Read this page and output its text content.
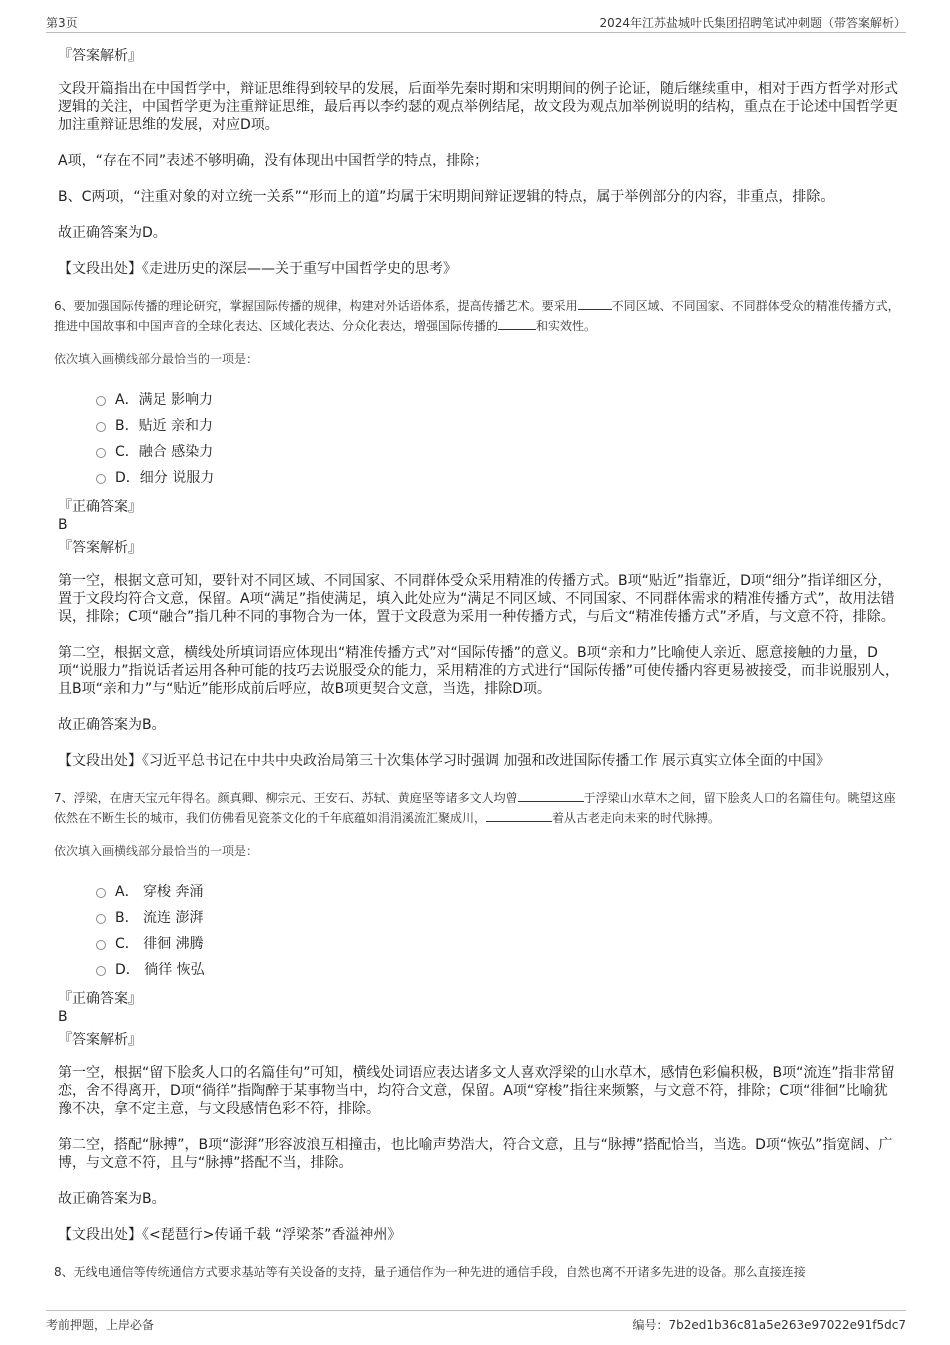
第3页	2024年江苏盐城叶氏集团招聘笔试冲刺题（带答案解析）
『答案解析』
文段开篇指出在中国哲学中，辩证思维得到较早的发展，后面举先秦时期和宋明期间的例子论证，随后继续重申，相对于西方哲学对形式逻辑的关注，中国哲学更为注重辩证思维，最后再以李约瑟的观点举例结尾，故文段为观点加举例说明的结构，重点在于论述中国哲学更加注重辩证思维的发展，对应D项。
A项，“存在不同”表述不够明确，没有体现出中国哲学的特点，排除；
B、C两项，“注重对象的对立统一关系”“形而上的道”均属于宋明期间辩证逻辑的特点，属于举例部分的内容，非重点，排除。
故正确答案为D。
【文段出处】《走进历史的深层——关于重写中国哲学史的思考》
6、要加强国际传播的理论研究，掌握国际传播的规律，构建对外话语体系，提高传播艺术。要采用	不同区域、不同国家、不同群体受众的精准传播方式，推进中国故事和中国声音的全球化表达、区域化表达、分众化表达，增强国际传播的	和实效性。
依次填入画横线部分最恰当的一项是：
A．满足 影响力
B．贴近 亲和力
C．融合 感染力
D．细分 说服力
『正确答案』
B
『答案解析』
第一空，根据文意可知，要针对不同区域、不同国家、不同群体受众采用精准的传播方式。B项“贴近”指靠近，D项“细分”指详细区分，置于文段均符合文意，保留。A项“满足”指使满足，填入此处应为“满足不同区域、不同国家、不同群体需求的精准传播方式”，故用法错误，排除；C项“融合”指几种不同的事物合为一体，置于文段意为采用一种传播方式，与后文“精准传播方式”矛盾，与文意不符，排除。
第二空，根据文意，横线处所填词语应体现出“精准传播方式”对“国际传播”的意义。B项“亲和力”比喻使人亲近、愿意接触的力量，D项“说服力”指说话者运用各种可能的技巧去说服受众的能力，采用精准的方式进行“国际传播”可使传播内容更易被接受，而非说服别人，且B项“亲和力”与“贴近”能形成前后呼应，故B项更契合文意，当选，排除D项。
故正确答案为B。
【文段出处】《习近平总书记在中共中央政治局第三十次集体学习时强调 加强和改进国际传播工作 展示真实立体全面的中国》
7、浮梁，在唐天宝元年得名。颜真卿、柳宗元、王安石、苏轼、黄庭坚等诸多文人均曾	于浮梁山水草木之间，留下脍炙人口的名篇佳句。眺望这座依然在不断生长的城市，我们仿佛看见瓷茶文化的千年底蕴如涓涓溪流汇聚成川，	着从古老走向未来的时代脉搏。
依次填入画横线部分最恰当的一项是：
A． 穿梭 奔涌
B． 流连 澎湃
C． 徘徊 沸腾
D． 徜徉 恢弘
『正确答案』
B
『答案解析』
第一空，根据“留下脍炙人口的名篇佳句”可知，横线处词语应表达诸多文人喜欢浮梁的山水草木，感情色彩偏积极，B项“流连”指非常留恋，舍不得离开，D项“徜徉”指陶醉于某事物当中，均符合文意，保留。A项“穿梭”指往来频繁，与文意不符，排除；C项“徘徊”比喻犹豫不决，拿不定主意，与文段感情色彩不符，排除。
第二空，搭配“脉搏”，B项“澎湃”形容波浪互相撞击，也比喻声势浩大，符合文意，且与“脉搏”搭配恰当，当选。D项“恢弘”指宽阔、广博，与文意不符，且与“脉搏”搭配不当，排除。
故正确答案为B。
【文段出处】《<琵琶行>传诵千载 “浮梁茶”香溢神州》
8、无线电通信等传统通信方式要求基站等有关设备的支持，量子通信作为一种先进的通信手段，自然也离不开诸多先进的设备。那么直接连接
考前押题，上岸必备	编号：7b2ed1b36c81a5e263e97022e91f5dc7
